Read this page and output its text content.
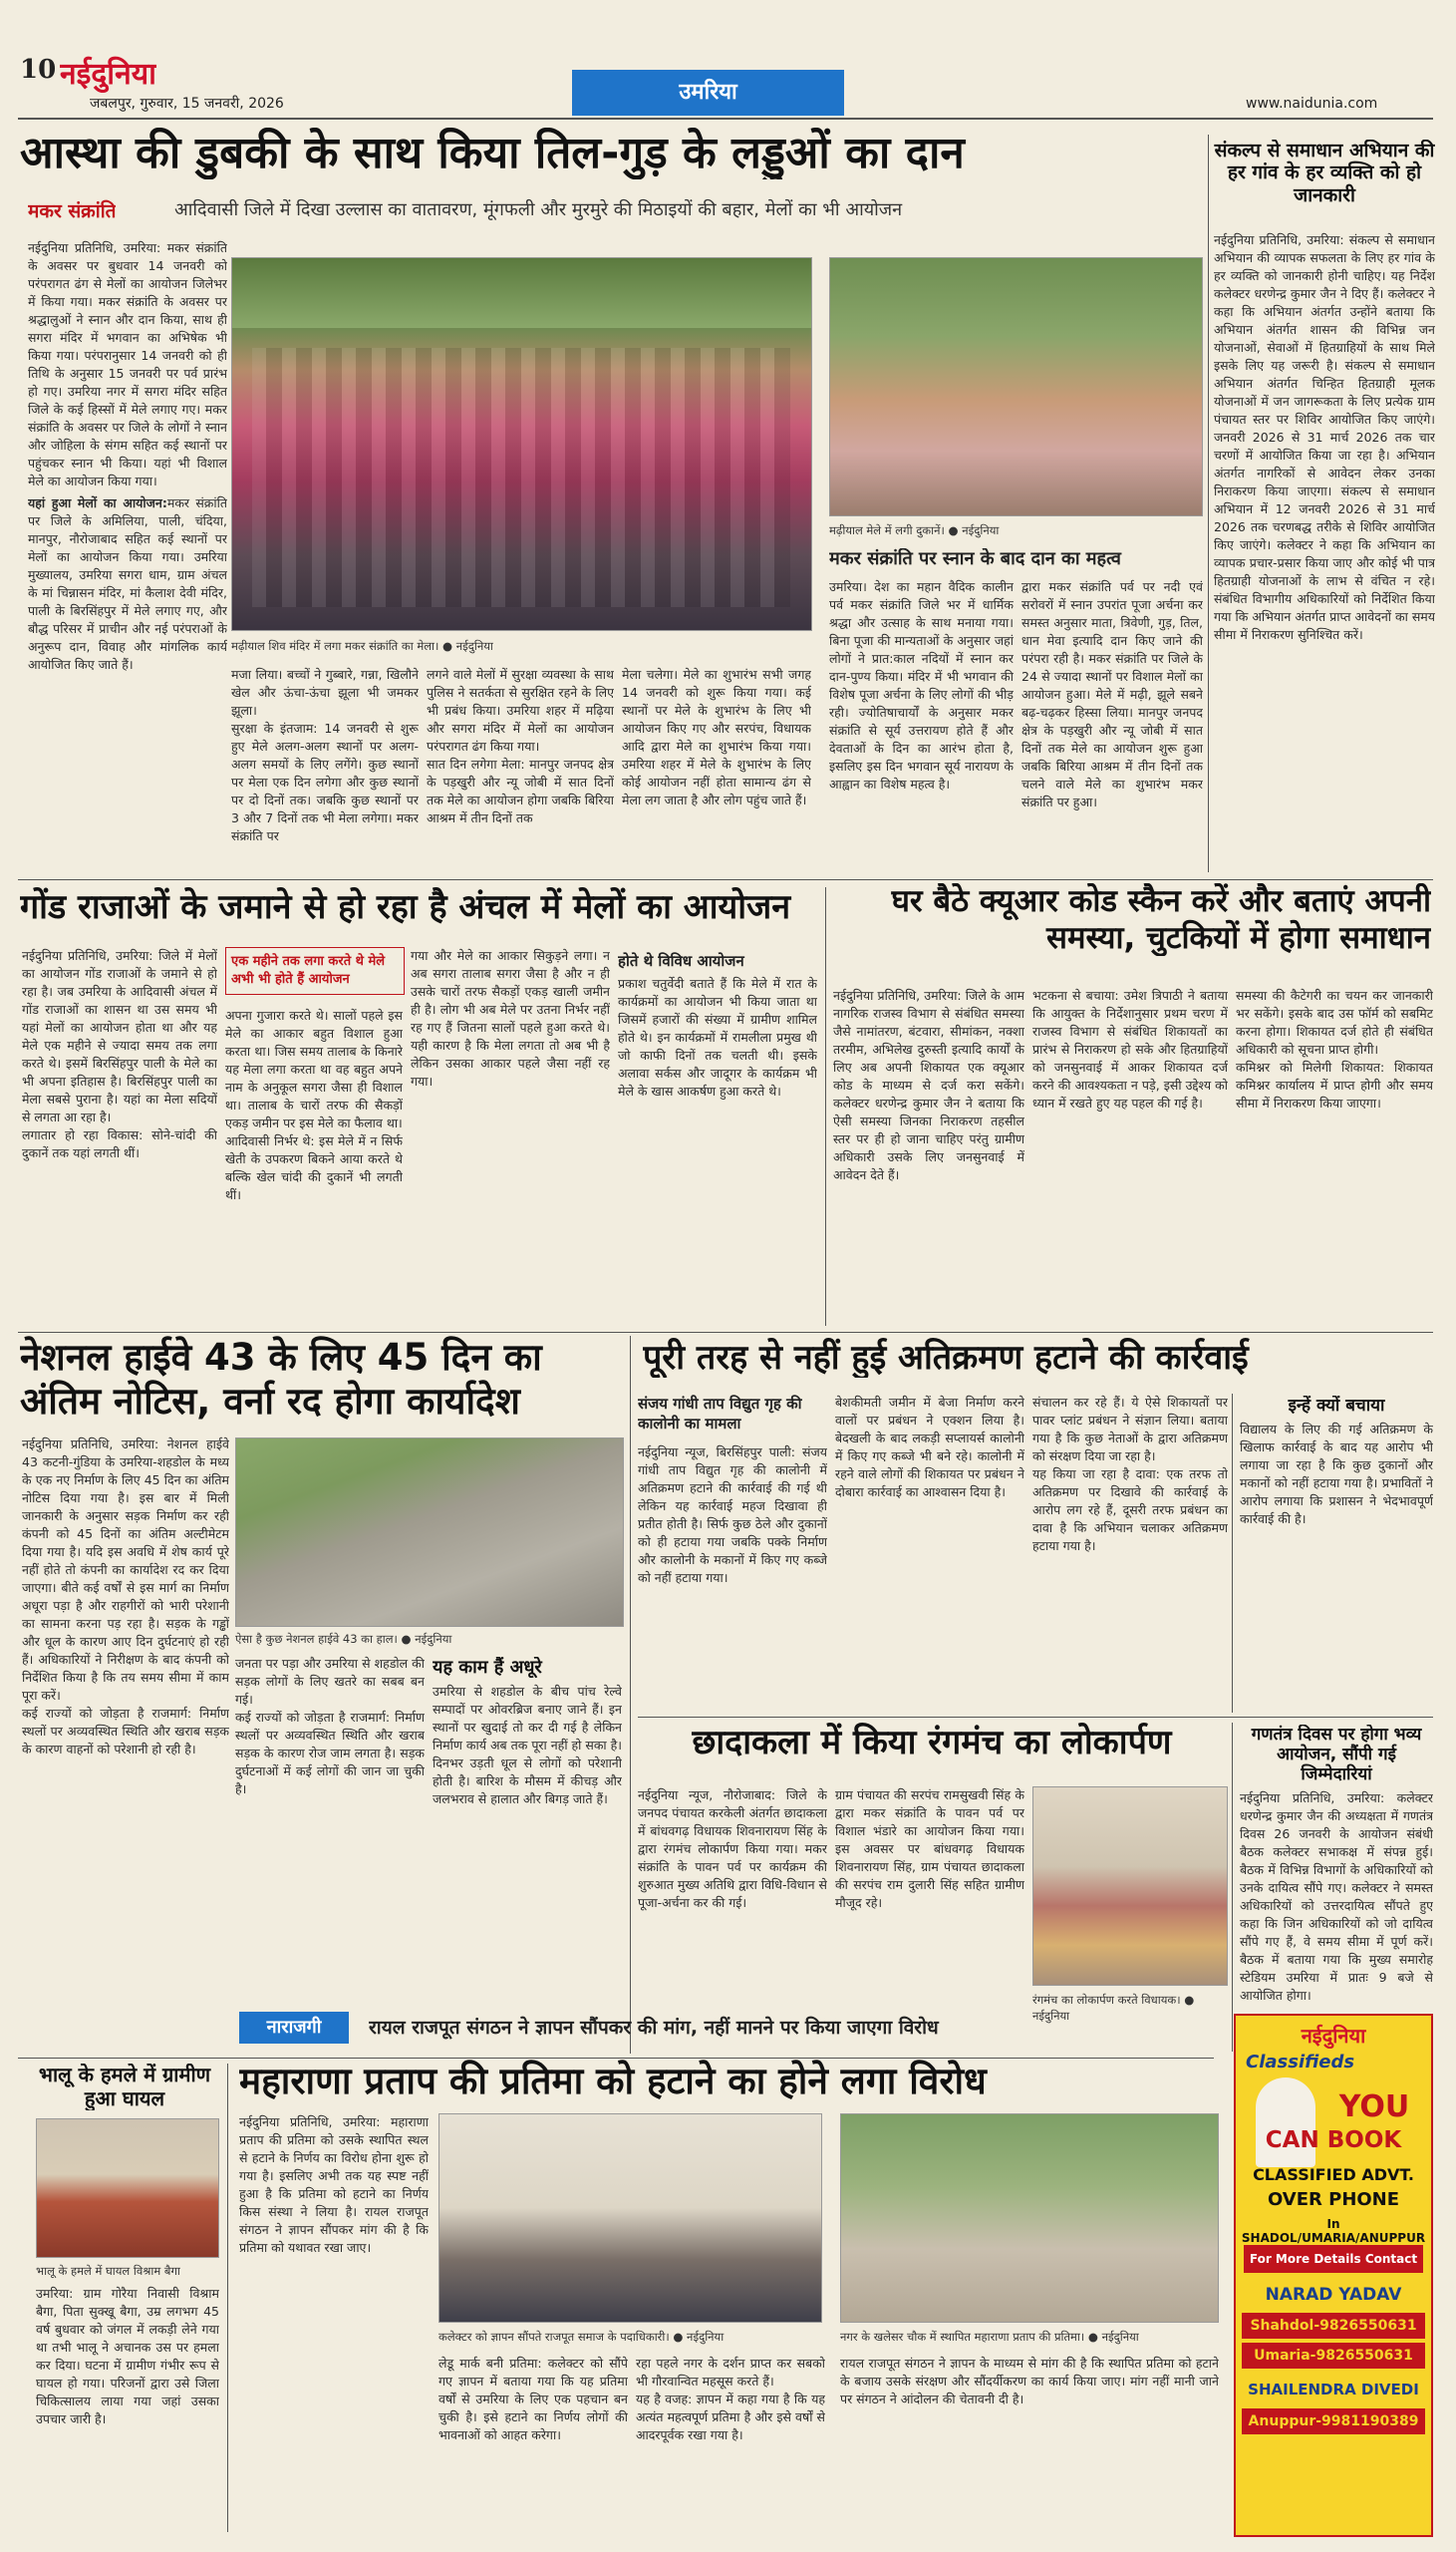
10 नईदुनिया
जबलपुर, गुरुवार, 15 जनवरी, 2026	उमरिया	www.naidunia.com
आस्था की डुबकी के साथ किया तिल-गुड़ के लड्डुओं का दान
मकर संक्रांति	आदिवासी जिले में दिखा उल्लास का वातावरण, मूंगफली और मुरमुरे की मिठाइयों की बहार, मेलों का भी आयोजन

नईदुनिया प्रतिनिधि, उमरिया: मकर संक्रांति के अवसर पर बुधवार 14 जनवरी को परंपरागत ढंग से मेलों का आयोजन जिलेभर में किया गया। मकर संक्रांति के अवसर पर श्रद्धालुओं ने स्नान और दान किया, साथ ही सगरा मंदिर में भगवान का अभिषेक भी किया गया। परंपरानुसार 14 जनवरी को ही तिथि के अनुसार 15 जनवरी पर पर्व प्रारंभ हो गए। उमरिया नगर में सगरा मंदिर सहित जिले के कई हिस्सों में मेले लगाए गए। मकर संक्रांति के अवसर पर जिले के लोगों ने स्नान और जोहिला के संगम सहित कई स्थानों पर पहुंचकर स्नान भी किया। यहां भी विशाल मेले का आयोजन किया गया।

यहां हुआ मेलों का आयोजन:मकर संक्रांति पर जिले के अमिलिया, पाली, चंदिया, मानपुर, नौरोजाबाद सहित कई स्थानों पर मेलों का आयोजन किया गया। उमरिया मुख्यालय, उमरिया सगरा धाम, ग्राम अंचल के मां चिन्नासन मंदिर, मां कैलाश देवी मंदिर, पाली के बिरसिंहपुर में मेले लगाए गए, और बौद्ध परिसर में प्राचीन और नई परंपराओं के अनुरूप दान, विवाह और मांगलिक कार्य आयोजित किए जाते हैं।

मढ़ीयाल शिव मंदिर में लगा मकर संक्रांति का मेला। ● नईदुनिया
मढ़ीयाल मेले में लगी दुकानें। ● नईदुनिया
मजा लिया। बच्चों ने गुब्बारे, गन्ना, खिलौने खेल और ऊंचा-ऊंचा झूला भी जमकर झूला।
सुरक्षा के इंतजाम: 14 जनवरी से शुरू हुए मेले अलग-अलग स्थानों पर अलग-अलग समयों के लिए लगेंगे। कुछ स्थानों पर मेला एक दिन लगेगा और कुछ स्थानों पर दो दिनों तक। जबकि कुछ स्थानों पर 3 और 7 दिनों तक भी मेला लगेगा। मकर संक्रांति पर
लगने वाले मेलों में सुरक्षा व्यवस्था के साथ पुलिस ने सतर्कता से सुरक्षित रहने के लिए भी प्रबंध किया। उमरिया शहर में मढ़िया और सगरा मंदिर में मेलों का आयोजन परंपरागत ढंग किया गया।
सात दिन लगेगा मेला: मानपुर जनपद क्षेत्र के पड़खुरी और न्यू जोबी में सात दिनों तक मेले का आयोजन होगा जबकि बिरिया आश्रम में तीन दिनों तक
मेला चलेगा। मेले का शुभारंभ सभी जगह 14 जनवरी को शुरू किया गया। कई स्थानों पर मेले के शुभारंभ के लिए भी आयोजन किए गए और सरपंच, विधायक आदि द्वारा मेले का शुभारंभ किया गया। उमरिया शहर में मेले के शुभारंभ के लिए कोई आयोजन नहीं होता सामान्य ढंग से मेला लग जाता है और लोग पहुंच जाते हैं।
मकर संक्रांति पर स्नान के बाद दान का महत्व
उमरिया। देश का महान वैदिक कालीन पर्व मकर संक्रांति जिले भर में धार्मिक श्रद्धा और उत्साह के साथ मनाया गया। बिना पूजा की मान्यताओं के अनुसार जहां लोगों ने प्रात:काल नदियों में स्नान कर दान-पुण्य किया। मंदिर में भी भगवान की विशेष पूजा अर्चना के लिए लोगों की भीड़ रही। ज्योतिषाचार्यों के अनुसार मकर संक्रांति से सूर्य उत्तरायण होते हैं और देवताओं के दिन का आरंभ होता है, इसलिए इस दिन भगवान सूर्य नारायण के आह्वान का विशेष महत्व है।
द्वारा मकर संक्रांति पर्व पर नदी एवं सरोवरों में स्नान उपरांत पूजा अर्चना कर समस्त अनुसार माता, त्रिवेणी, गुड़, तिल, धान मेवा इत्यादि दान किए जाने की परंपरा रही है। मकर संक्रांति पर जिले के 24 से ज्यादा स्थानों पर विशाल मेलों का आयोजन हुआ। मेले में मढ़ी, झूले सबने बढ़-चढ़कर हिस्सा लिया। मानपुर जनपद क्षेत्र के पड़खुरी और न्यू जोबी में सात दिनों तक मेले का आयोजन शुरू हुआ जबकि बिरिया आश्रम में तीन दिनों तक चलने वाले मेले का शुभारंभ मकर संक्रांति पर हुआ।
संकल्प से समाधान अभियान की हर गांव के हर व्यक्ति को हो जानकारी
नईदुनिया प्रतिनिधि, उमरिया: संकल्प से समाधान अभियान की व्यापक सफलता के लिए हर गांव के हर व्यक्ति को जानकारी होनी चाहिए। यह निर्देश कलेक्टर धरणेन्द्र कुमार जैन ने दिए हैं। कलेक्टर ने कहा कि अभियान अंतर्गत उन्होंने बताया कि अभियान अंतर्गत शासन की विभिन्न जन योजनाओं, सेवाओं में हितग्राहियों के साथ मिले इसके लिए यह जरूरी है। संकल्प से समाधान अभियान अंतर्गत चिन्हित हितग्राही मूलक योजनाओं में जन जागरूकता के लिए प्रत्येक ग्राम पंचायत स्तर पर शिविर आयोजित किए जाएंगे। जनवरी 2026 से 31 मार्च 2026 तक चार चरणों में आयोजित किया जा रहा है। अभियान अंतर्गत नागरिकों से आवेदन लेकर उनका निराकरण किया जाएगा। संकल्प से समाधान अभियान में 12 जनवरी 2026 से 31 मार्च 2026 तक चरणबद्ध तरीके से शिविर आयोजित किए जाएंगे। कलेक्टर ने कहा कि अभियान का व्यापक प्रचार-प्रसार किया जाए और कोई भी पात्र हितग्राही योजनाओं के लाभ से वंचित न रहे। संबंधित विभागीय अधिकारियों को निर्देशित किया गया कि अभियान अंतर्गत प्राप्त आवेदनों का समय सीमा में निराकरण सुनिश्चित करें।
गोंड राजाओं के जमाने से हो रहा है अंचल में मेलों का आयोजन
नईदुनिया प्रतिनिधि, उमरिया: जिले में मेलों का आयोजन गोंड राजाओं के जमाने से हो रहा है। जब उमरिया के आदिवासी अंचल में गोंड राजाओं का शासन था उस समय भी यहां मेलों का आयोजन होता था और यह मेले एक महीने से ज्यादा समय तक लगा करते थे। इसमें बिरसिंहपुर पाली के मेले का भी अपना इतिहास है। बिरसिंहपुर पाली का मेला सबसे पुराना है। यहां का मेला सदियों से लगता आ रहा है।
लगातार हो रहा विकास: सोने-चांदी की दुकानें तक यहां लगती थीं।
एक महीने तक लगा करते थे मेले अभी भी होते हैं आयोजन
अपना गुजारा करते थे। सालों पहले इस मेले का आकार बहुत विशाल हुआ करता था। जिस समय तालाब के किनारे यह मेला लगा करता था वह बहुत अपने नाम के अनुकूल सगरा जैसा ही विशाल था। तालाब के चारों तरफ की सैकड़ों एकड़ जमीन पर इस मेले का फैलाव था।
आदिवासी निर्भर थे: इस मेले में न सिर्फ खेती के उपकरण बिकने आया करते थे बल्कि खेल चांदी की दुकानें भी लगती थीं।
गया और मेले का आकार सिकुड़ने लगा। न अब सगरा तालाब सगरा जैसा है और न ही उसके चारों तरफ सैकड़ों एकड़ खाली जमीन ही है। लोग भी अब मेले पर उतना निर्भर नहीं रह गए हैं जितना सालों पहले हुआ करते थे। यही कारण है कि मेला लगता तो अब भी है लेकिन उसका आकार पहले जैसा नहीं रह गया।
होते थे विविध आयोजन
प्रकाश चतुर्वेदी बताते हैं कि मेले में रात के कार्यक्रमों का आयोजन भी किया जाता था जिसमें हजारों की संख्या में ग्रामीण शामिल होते थे। इन कार्यक्रमों में रामलीला प्रमुख थी जो काफी दिनों तक चलती थी। इसके अलावा सर्कस और जादूगर के कार्यक्रम भी मेले के खास आकर्षण हुआ करते थे।
घर बैठे क्यूआर कोड स्कैन करें और बताएं अपनी समस्या, चुटकियों में होगा समाधान
नईदुनिया प्रतिनिधि, उमरिया: जिले के आम नागरिक राजस्व विभाग से संबंधित समस्या जैसे नामांतरण, बंटवारा, सीमांकन, नक्शा तरमीम, अभिलेख दुरुस्ती इत्यादि कार्यों के लिए अब अपनी शिकायत एक क्यूआर कोड के माध्यम से दर्ज करा सकेंगे। कलेक्टर धरणेन्द्र कुमार जैन ने बताया कि ऐसी समस्या जिनका निराकरण तहसील स्तर पर ही हो जाना चाहिए परंतु ग्रामीण अधिकारी उसके लिए जनसुनवाई में आवेदन देते हैं।
भटकना से बचाया: उमेश त्रिपाठी ने बताया कि आयुक्त के निर्देशानुसार प्रथम चरण में राजस्व विभाग से संबंधित शिकायतों का प्रारंभ से निराकरण हो सके और हितग्राहियों को जनसुनवाई में आकर शिकायत दर्ज करने की आवश्यकता न पड़े, इसी उद्देश्य को ध्यान में रखते हुए यह पहल की गई है।
समस्या की कैटेगरी का चयन कर जानकारी भर सकेंगे। इसके बाद उस फॉर्म को सबमिट करना होगा। शिकायत दर्ज होते ही संबंधित अधिकारी को सूचना प्राप्त होगी।
कमिश्नर को मिलेगी शिकायत: शिकायत कमिश्नर कार्यालय में प्राप्त होगी और समय सीमा में निराकरण किया जाएगा।
नेशनल हाईवे 43 के लिए 45 दिन का अंतिम नोटिस, वर्ना रद होगा कार्यादेश
नईदुनिया प्रतिनिधि, उमरिया: नेशनल हाईवे 43 कटनी-गुंडिया के उमरिया-शहडोल के मध्य के एक नए निर्माण के लिए 45 दिन का अंतिम नोटिस दिया गया है। इस बार में मिली जानकारी के अनुसार सड़क निर्माण कर रही कंपनी को 45 दिनों का अंतिम अल्टीमेटम दिया गया है। यदि इस अवधि में शेष कार्य पूरे नहीं होते तो कंपनी का कार्यादेश रद कर दिया जाएगा। बीते कई वर्षों से इस मार्ग का निर्माण अधूरा पड़ा है और राहगीरों को भारी परेशानी का सामना करना पड़ रहा है। सड़क के गड्ढों और धूल के कारण आए दिन दुर्घटनाएं हो रही हैं। अधिकारियों ने निरीक्षण के बाद कंपनी को निर्देशित किया है कि तय समय सीमा में काम पूरा करें।
कई राज्यों को जोड़ता है राजमार्ग: निर्माण स्थलों पर अव्यवस्थित स्थिति और खराब सड़क के कारण वाहनों को परेशानी हो रही है।
ऐसा है कुछ नेशनल हाईवे 43 का हाल। ● नईदुनिया
जनता पर पड़ा और उमरिया से शहडोल की सड़क लोगों के लिए खतरे का सबब बन गई।
कई राज्यों को जोड़ता है राजमार्ग: निर्माण स्थलों पर अव्यवस्थित स्थिति और खराब सड़क के कारण रोज जाम लगता है। सड़क दुर्घटनाओं में कई लोगों की जान जा चुकी है।
यह काम हैं अधूरे
उमरिया से शहडोल के बीच पांच रेल्वे सम्पादों पर ओवरब्रिज बनाए जाने हैं। इन स्थानों पर खुदाई तो कर दी गई है लेकिन निर्माण कार्य अब तक पूरा नहीं हो सका है। दिनभर उड़ती धूल से लोगों को परेशानी होती है। बारिश के मौसम में कीचड़ और जलभराव से हालात और बिगड़ जाते हैं।
पूरी तरह से नहीं हुई अतिक्रमण हटाने की कार्रवाई
संजय गांधी ताप विद्युत गृह की कालोनी का मामला
नईदुनिया न्यूज, बिरसिंहपुर पाली: संजय गांधी ताप विद्युत गृह की कालोनी में अतिक्रमण हटाने की कार्रवाई की गई थी लेकिन यह कार्रवाई महज दिखावा ही प्रतीत होती है। सिर्फ कुछ ठेले और दुकानों को ही हटाया गया जबकि पक्के निर्माण और कालोनी के मकानों में किए गए कब्जे को नहीं हटाया गया।
बेशकीमती जमीन में बेजा निर्माण करने वालों पर प्रबंधन ने एक्शन लिया है। बेदखली के बाद लकड़ी सप्लायर्स कालोनी में किए गए कब्जे भी बने रहे। कालोनी में रहने वाले लोगों की शिकायत पर प्रबंधन ने दोबारा कार्रवाई का आश्वासन दिया है।
संचालन कर रहे हैं। ये ऐसे शिकायतों पर पावर प्लांट प्रबंधन ने संज्ञान लिया। बताया गया है कि कुछ नेताओं के द्वारा अतिक्रमण को संरक्षण दिया जा रहा है।
यह किया जा रहा है दावा: एक तरफ तो अतिक्रमण पर दिखावे की कार्रवाई के आरोप लग रहे हैं, दूसरी तरफ प्रबंधन का दावा है कि अभियान चलाकर अतिक्रमण हटाया गया है।
इन्हें क्यों बचाया
विद्यालय के लिए की गई अतिक्रमण के खिलाफ कार्रवाई के बाद यह आरोप भी लगाया जा रहा है कि कुछ दुकानों और मकानों को नहीं हटाया गया है। प्रभावितों ने आरोप लगाया कि प्रशासन ने भेदभावपूर्ण कार्रवाई की है।
छादाकला में किया रंगमंच का लोकार्पण
नईदुनिया न्यूज, नौरोजाबाद: जिले के जनपद पंचायत करकेली अंतर्गत छादाकला में बांधवगढ़ विधायक शिवनारायण सिंह के द्वारा रंगमंच लोकार्पण किया गया। मकर संक्रांति के पावन पर्व पर कार्यक्रम की शुरुआत मुख्य अतिथि द्वारा विधि-विधान से पूजा-अर्चना कर की गई।
ग्राम पंचायत की सरपंच रामसुखवी सिंह के द्वारा मकर संक्रांति के पावन पर्व पर विशाल भंडारे का आयोजन किया गया। इस अवसर पर बांधवगढ़ विधायक शिवनारायण सिंह, ग्राम पंचायत छादाकला की सरपंच राम दुलारी सिंह सहित ग्रामीण मौजूद रहे।
रंगमंच का लोकार्पण करते विधायक। ● नईदुनिया
गणतंत्र दिवस पर होगा भव्य आयोजन, सौंपी गई जिम्मेदारियां
नईदुनिया प्रतिनिधि, उमरिया: कलेक्टर धरणेन्द्र कुमार जैन की अध्यक्षता में गणतंत्र दिवस 26 जनवरी के आयोजन संबंधी बैठक कलेक्टर सभाकक्ष में संपन्न हुई। बैठक में विभिन्न विभागों के अधिकारियों को उनके दायित्व सौंपे गए। कलेक्टर ने समस्त अधिकारियों को उत्तरदायित्व सौंपते हुए कहा कि जिन अधिकारियों को जो दायित्व सौंपे गए हैं, वे समय सीमा में पूर्ण करें। बैठक में बताया गया कि मुख्य समारोह स्टेडियम उमरिया में प्रातः 9 बजे से आयोजित होगा।
भालू के हमले में ग्रामीण हुआ घायल
भालू के हमले में घायल विश्राम बैगा
उमरिया: ग्राम गोरैया निवासी विश्राम बैगा, पिता सुक्खू बैगा, उम्र लगभग 45 वर्ष बुधवार को जंगल में लकड़ी लेने गया था तभी भालू ने अचानक उस पर हमला कर दिया। घटना में ग्रामीण गंभीर रूप से घायल हो गया। परिजनों द्वारा उसे जिला चिकित्सालय लाया गया जहां उसका उपचार जारी है।
नाराजगी	रायल राजपूत संगठन ने ज्ञापन सौंपकर की मांग, नहीं मानने पर किया जाएगा विरोध
महाराणा प्रताप की प्रतिमा को हटाने का होने लगा विरोध
नईदुनिया प्रतिनिधि, उमरिया: महाराणा प्रताप की प्रतिमा को उसके स्थापित स्थल से हटाने के निर्णय का विरोध होना शुरू हो गया है। इसलिए अभी तक यह स्पष्ट नहीं हुआ है कि प्रतिमा को हटाने का निर्णय किस संस्था ने लिया है। रायल राजपूत संगठन ने ज्ञापन सौंपकर मांग की है कि प्रतिमा को यथावत रखा जाए।
कलेक्टर को ज्ञापन सौंपते राजपूत समाज के पदाधिकारी। ● नईदुनिया	नगर के खलेसर चौक में स्थापित महाराणा प्रताप की प्रतिमा। ● नईदुनिया
लेडू मार्क बनी प्रतिमा: कलेक्टर को सौंपे गए ज्ञापन में बताया गया कि यह प्रतिमा वर्षों से उमरिया के लिए एक पहचान बन चुकी है। इसे हटाने का निर्णय लोगों की भावनाओं को आहत करेगा।
रहा पहले नगर के दर्शन प्राप्त कर सबको भी गौरवान्वित महसूस करते हैं।
यह है वजह: ज्ञापन में कहा गया है कि यह अत्यंत महत्वपूर्ण प्रतिमा है और इसे वर्षों से आदरपूर्वक रखा गया है।
रायल राजपूत संगठन ने ज्ञापन के माध्यम से मांग की है कि स्थापित प्रतिमा को हटाने के बजाय उसके संरक्षण और सौंदर्यीकरण का कार्य किया जाए। मांग नहीं मानी जाने पर संगठन ने आंदोलन की चेतावनी दी है।
नईदुनिया
Classifieds
YOU
CAN BOOK
CLASSIFIED ADVT.
OVER PHONE
In SHADOL/UMARIA/ANUPPUR
For More Details Contact
NARAD YADAV
Shahdol-9826550631
Umaria-9826550631
SHAILENDRA DIVEDI
Anuppur-9981190389
